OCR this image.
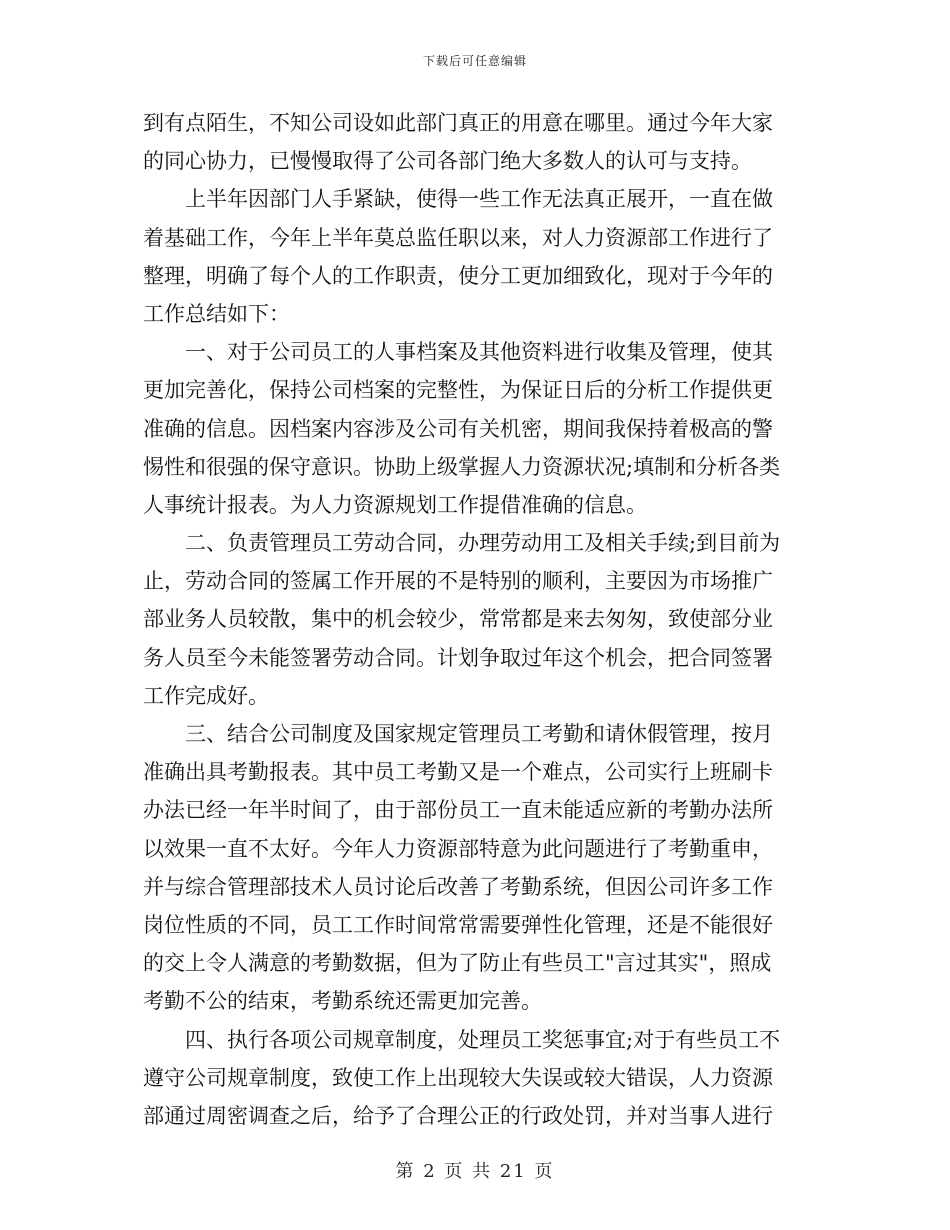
下载后可任意编辑
到有点陌生，不知公司设如此部门真正的用意在哪里。通过今年大家
的同心协力，已慢慢取得了公司各部门绝大多数人的认可与支持。
　　上半年因部门人手紧缺，使得一些工作无法真正展开，一直在做
着基础工作，今年上半年莫总监任职以来，对人力资源部工作进行了
整理，明确了每个人的工作职责，使分工更加细致化，现对于今年的
工作总结如下：
　　一、对于公司员工的人事档案及其他资料进行收集及管理，使其
更加完善化，保持公司档案的完整性，为保证日后的分析工作提供更
准确的信息。因档案内容涉及公司有关机密，期间我保持着极高的警
惕性和很强的保守意识。协助上级掌握人力资源状况;填制和分析各类
人事统计报表。为人力资源规划工作提借准确的信息。
　　二、负责管理员工劳动合同，办理劳动用工及相关手续;到目前为
止，劳动合同的签属工作开展的不是特别的顺利，主要因为市场推广
部业务人员较散，集中的机会较少，常常都是来去匆匆，致使部分业
务人员至今未能签署劳动合同。计划争取过年这个机会，把合同签署
工作完成好。
　　三、结合公司制度及国家规定管理员工考勤和请休假管理，按月
准确出具考勤报表。其中员工考勤又是一个难点，公司实行上班刷卡
办法已经一年半时间了，由于部份员工一直未能适应新的考勤办法所
以效果一直不太好。今年人力资源部特意为此问题进行了考勤重申，
并与综合管理部技术人员讨论后改善了考勤系统，但因公司许多工作
岗位性质的不同，员工工作时间常常需要弹性化管理，还是不能很好
的交上令人满意的考勤数据，但为了防止有些员工"言过其实"，照成
考勤不公的结束，考勤系统还需更加完善。
　　四、执行各项公司规章制度，处理员工奖惩事宜;对于有些员工不
遵守公司规章制度，致使工作上出现较大失误或较大错误，人力资源
部通过周密调查之后，给予了合理公正的行政处罚，并对当事人进行
第 2 页 共 21 页
